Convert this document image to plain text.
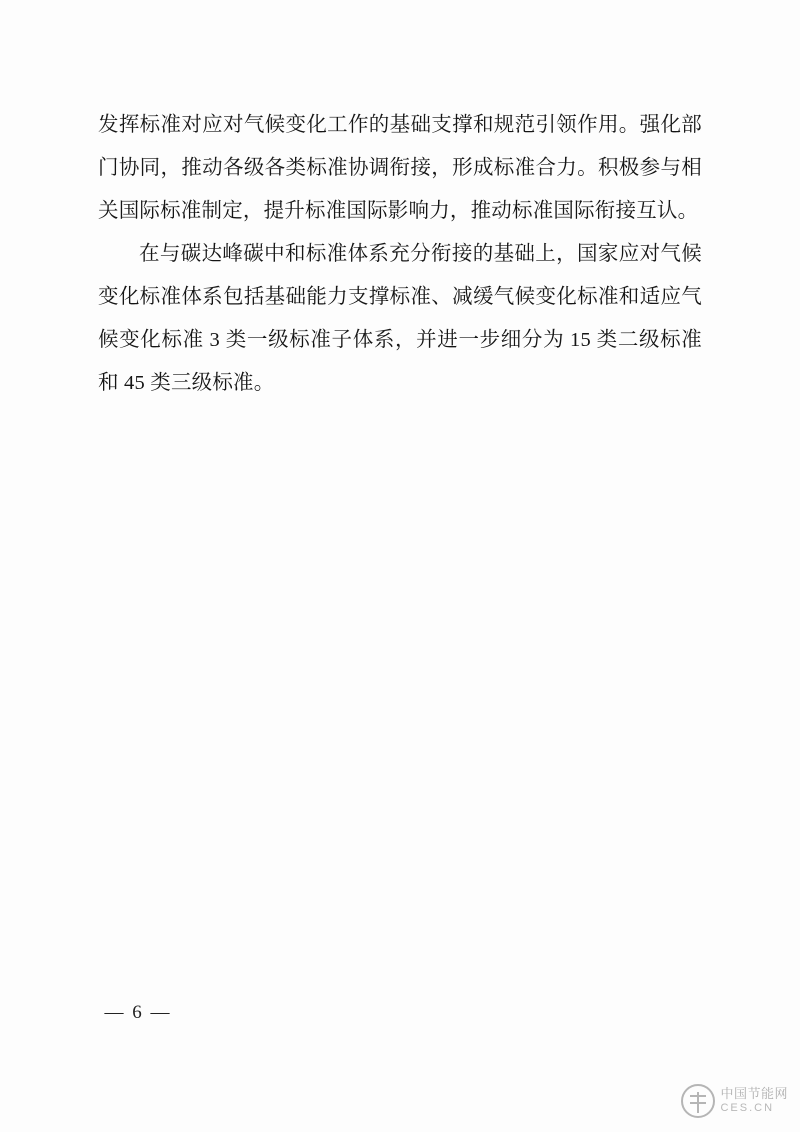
发挥标准对应对气候变化工作的基础支撑和规范引领作用。强化部门协同，推动各级各类标准协调衔接，形成标准合力。积极参与相关国际标准制定，提升标准国际影响力，推动标准国际衔接互认。

在与碳达峰碳中和标准体系充分衔接的基础上，国家应对气候变化标准体系包括基础能力支撑标准、减缓气候变化标准和适应气候变化标准 3 类一级标准子体系，并进一步细分为 15 类二级标准和 45 类三级标准。

— 6 —
中国节能网
CES.CN
